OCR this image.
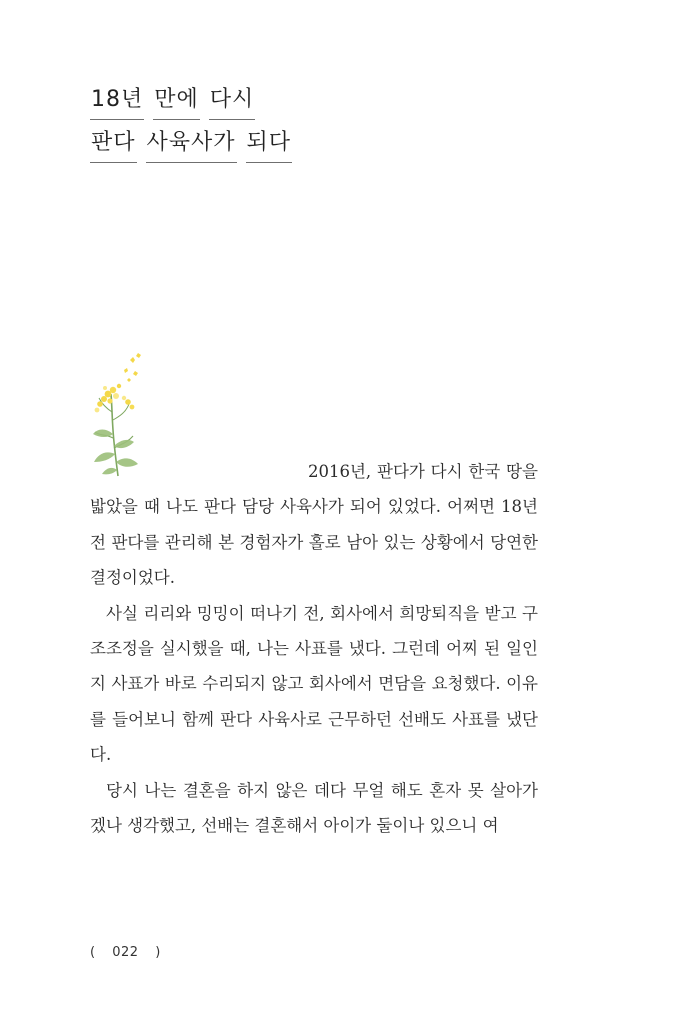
18년 만에 다시
판다 사육사가 되다

2016년, 판다가 다시 한국 땅을 밟았을 때 나도 판다 담당 사육사가 되어 있었다. 어쩌면 18년 전 판다를 관리해 본 경험자가 홀로 남아 있는 상황에서 당연한 결정이었다.

사실 리리와 밍밍이 떠나기 전, 회사에서 희망퇴직을 받고 구조조정을 실시했을 때, 나는 사표를 냈다. 그런데 어찌 된 일인지 사표가 바로 수리되지 않고 회사에서 면담을 요청했다. 이유를 들어보니 함께 판다 사육사로 근무하던 선배도 사표를 냈단다.

당시 나는 결혼을 하지 않은 데다 무얼 해도 혼자 못 살아가겠나 생각했고, 선배는 결혼해서 아이가 둘이나 있으니 여

( 022 )
